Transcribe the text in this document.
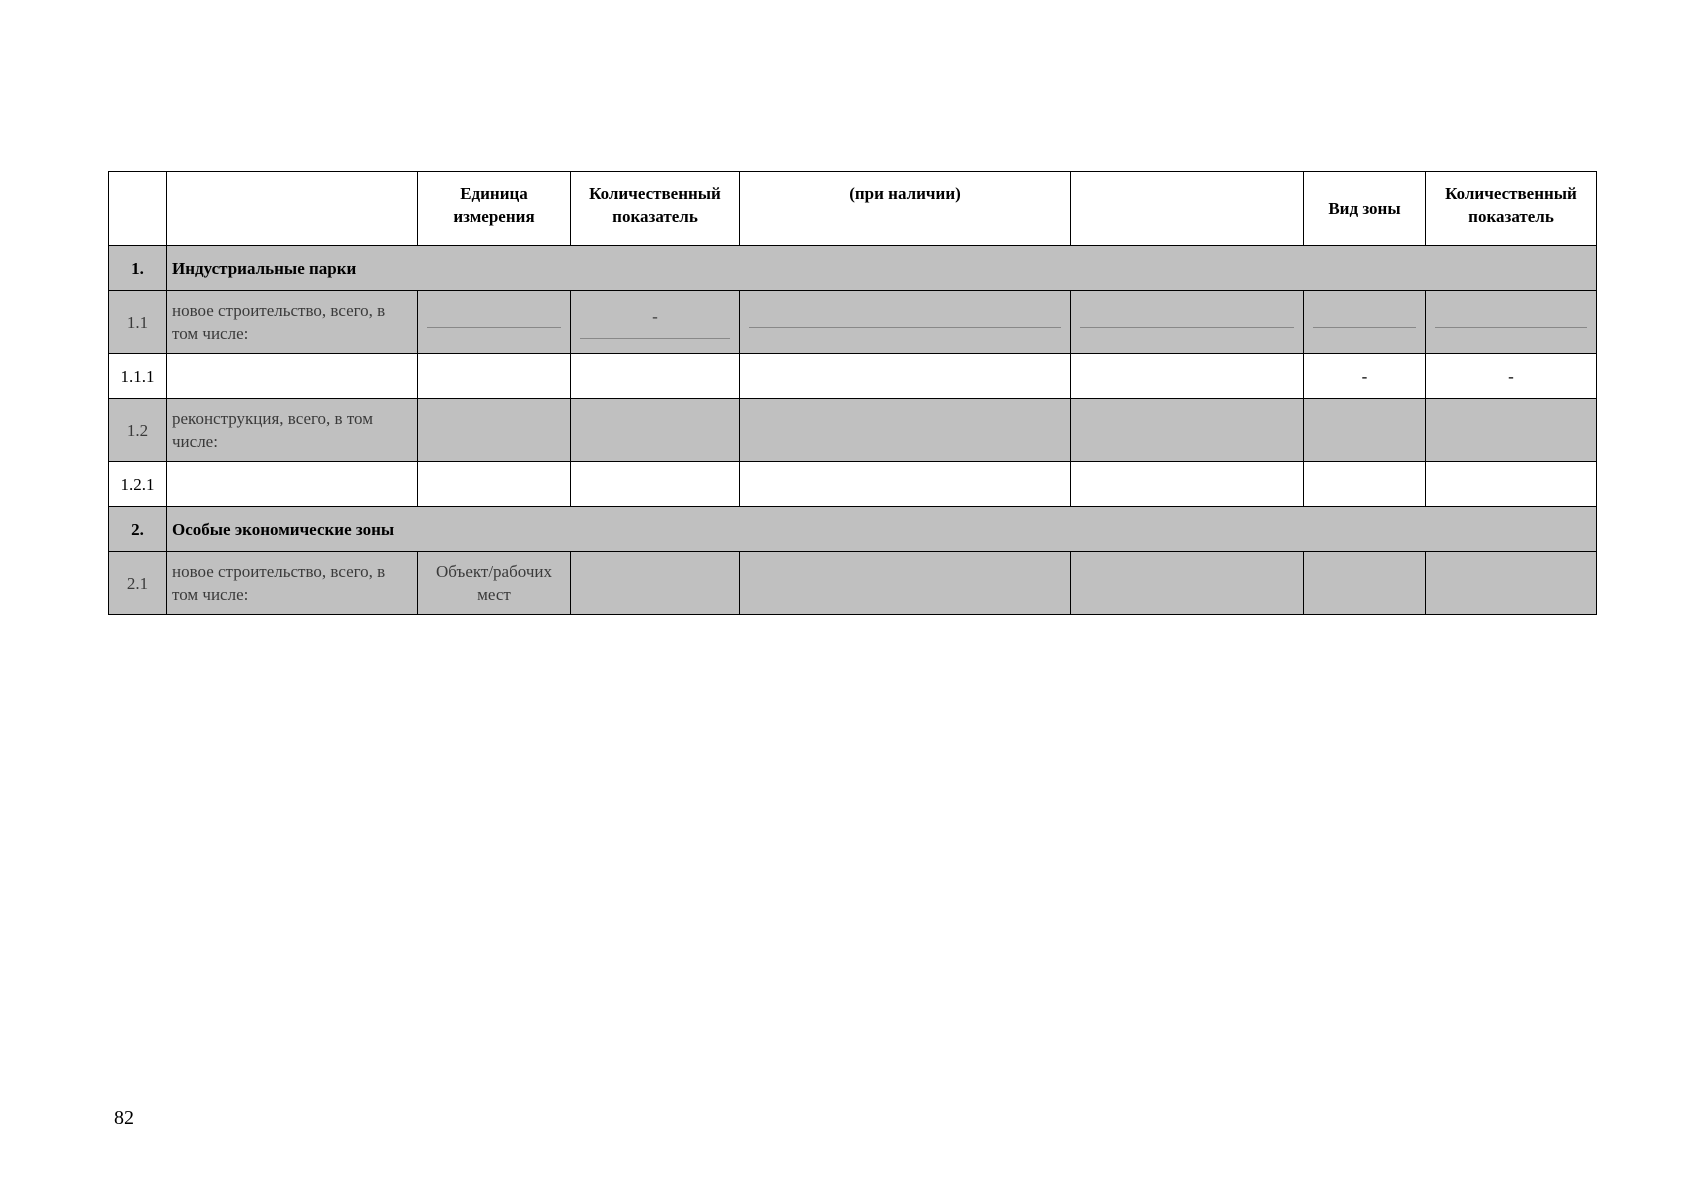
		Единица измерения	Количественный показатель	(при наличии)		Вид зоны	Количественный показатель
1.	Индустриальные парки						
1.1	новое строительство, всего, в том числе:		-

1.1.1						-	-
1.2	реконструкция, всего, в том числе:						
1.2.1							
2.	Особые экономические зоны						
2.1	новое строительство, всего, в том числе:	Объект/рабочих мест					
82
